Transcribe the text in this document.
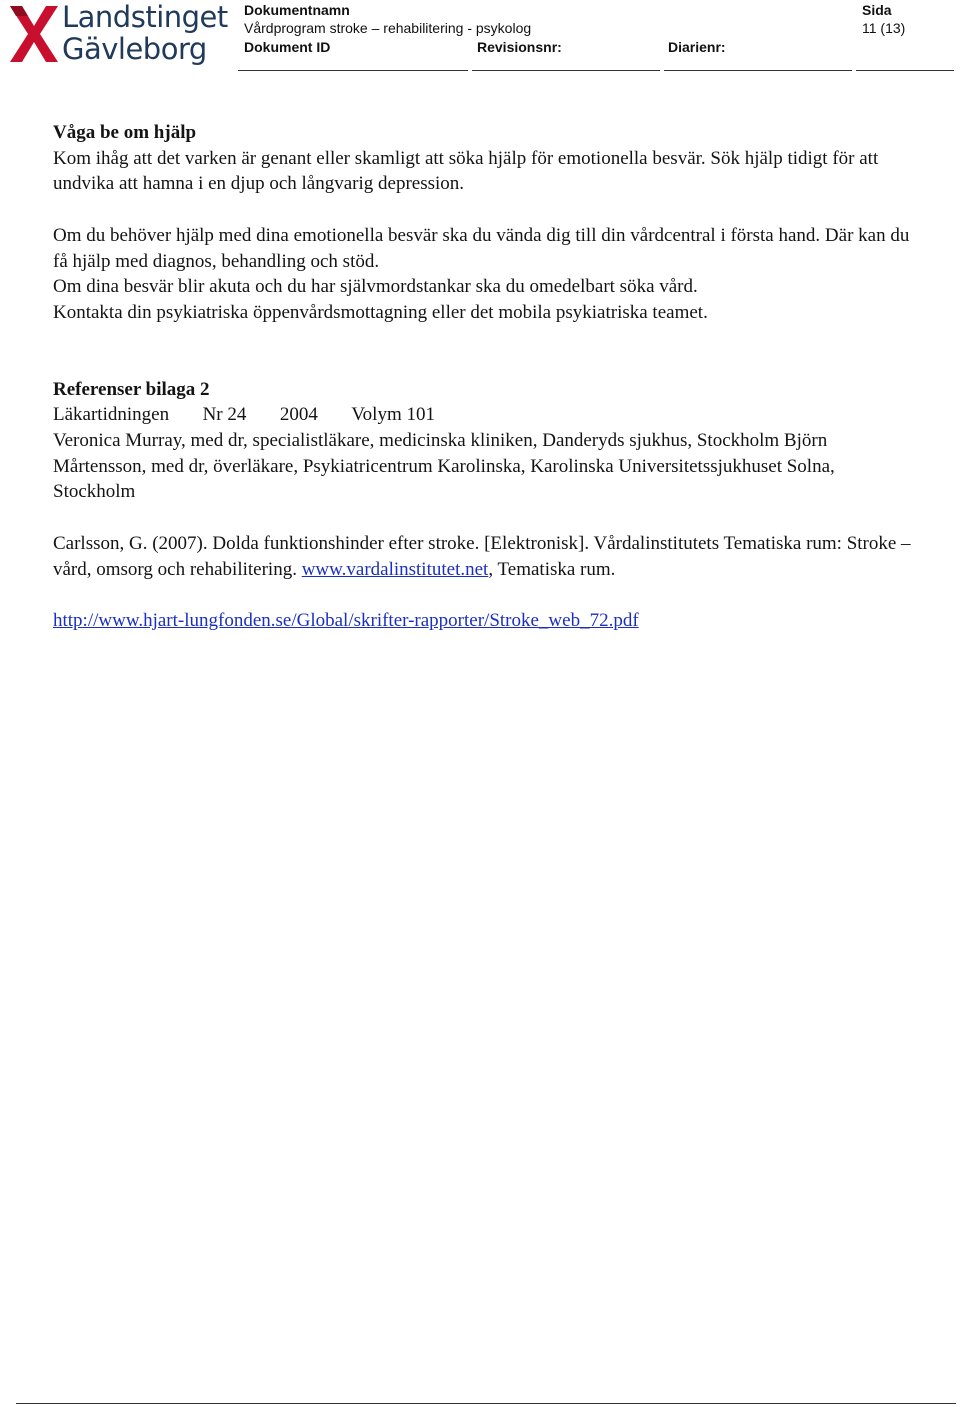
Landstinget
Gävleborg
Dokumentnamn
Vårdprogram stroke – rehabilitering - psykolog
Dokument ID	Revisionsnr:	Diarienr:
Sida
11 (13)

Våga be om hjälp

Kom ihåg att det varken är genant eller skamligt att söka hjälp för emotionella besvär. Sök hjälp tidigt för att undvika att hamna i en djup och långvarig depression.

Om du behöver hjälp med dina emotionella besvär ska du vända dig till din vårdcentral i första hand. Där kan du få hjälp med diagnos, behandling och stöd.

Om dina besvär blir akuta och du har självmordstankar ska du omedelbart söka vård.

Kontakta din psykiatriska öppenvårdsmottagning eller det mobila psykiatriska teamet.

Referenser bilaga 2

Läkartidningen Nr 24 2004 Volym 101

Veronica Murray, med dr, specialistläkare, medicinska kliniken, Danderyds sjukhus, Stockholm Björn Mårtensson, med dr, överläkare, Psykiatricentrum Karolinska, Karolinska Universitetssjukhuset Solna, Stockholm

Carlsson, G. (2007). Dolda funktionshinder efter stroke. [Elektronisk]. Vårdalinstitutets Tematiska rum: Stroke – vård, omsorg och rehabilitering. www.vardalinstitutet.net, Tematiska rum.

http://www.hjart-lungfonden.se/Global/skrifter-rapporter/Stroke_web_72.pdf
